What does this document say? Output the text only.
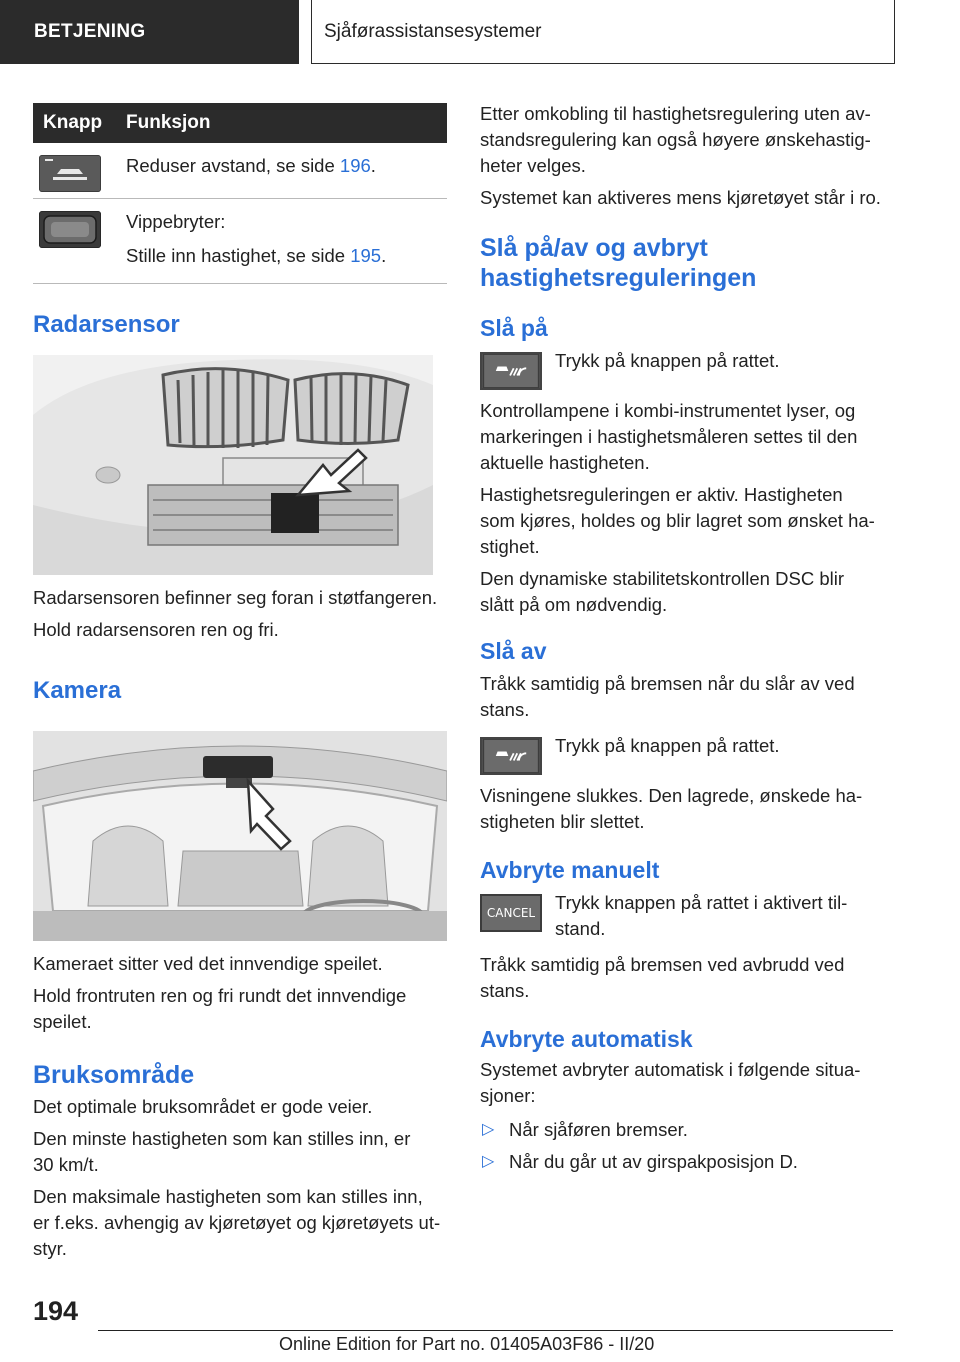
BETJENING	Sjåførassistansesystemer
Knapp	Funksjon

Reduser avstand, se side 196.

Vippebryter:

Stille inn hastighet, se side 195.

Radarsensor

Radarsensoren befinner seg foran i støtfangeren.

Hold radarsensoren ren og fri.

Kamera

Kameraet sitter ved det innvendige speilet.

Hold frontruten ren og fri rundt det innvendige

speilet.

Bruksområde

Det optimale bruksområdet er gode veier.

Den minste hastigheten som kan stilles inn, er

30 km/t.

Den maksimale hastigheten som kan stilles inn,

er f.eks. avhengig av kjøretøyet og kjøretøyets ut-

styr.

Etter omkobling til hastighetsregulering uten av-

standsregulering kan også høyere ønskehastig-

heter velges.

Systemet kan aktiveres mens kjøretøyet står i ro.

Slå på/av og avbryt
hastighetsreguleringen
Slå på
Trykk på knappen på rattet.

Kontrollampene i kombi-instrumentet lyser, og

markeringen i hastighetsmåleren settes til den

aktuelle hastigheten.

Hastighetsreguleringen er aktiv. Hastigheten

som kjøres, holdes og blir lagret som ønsket ha-

stighet.

Den dynamiske stabilitetskontrollen DSC blir

slått på om nødvendig.

Slå av

Tråkk samtidig på bremsen når du slår av ved

stans.

Trykk på knappen på rattet.

Visningene slukkes. Den lagrede, ønskede ha-

stigheten blir slettet.

Avbryte manuelt
CANCEL	Trykk knappen på rattet i aktivert til-
stand.

Tråkk samtidig på bremsen ved avbrudd ved

stans.

Avbryte automatisk

Systemet avbryter automatisk i følgende situa-

sjoner:

▷ Når sjåføren bremser.
▷ Når du går ut av girspakposisjon D.
194
Online Edition for Part no. 01405A03F86 - II/20
